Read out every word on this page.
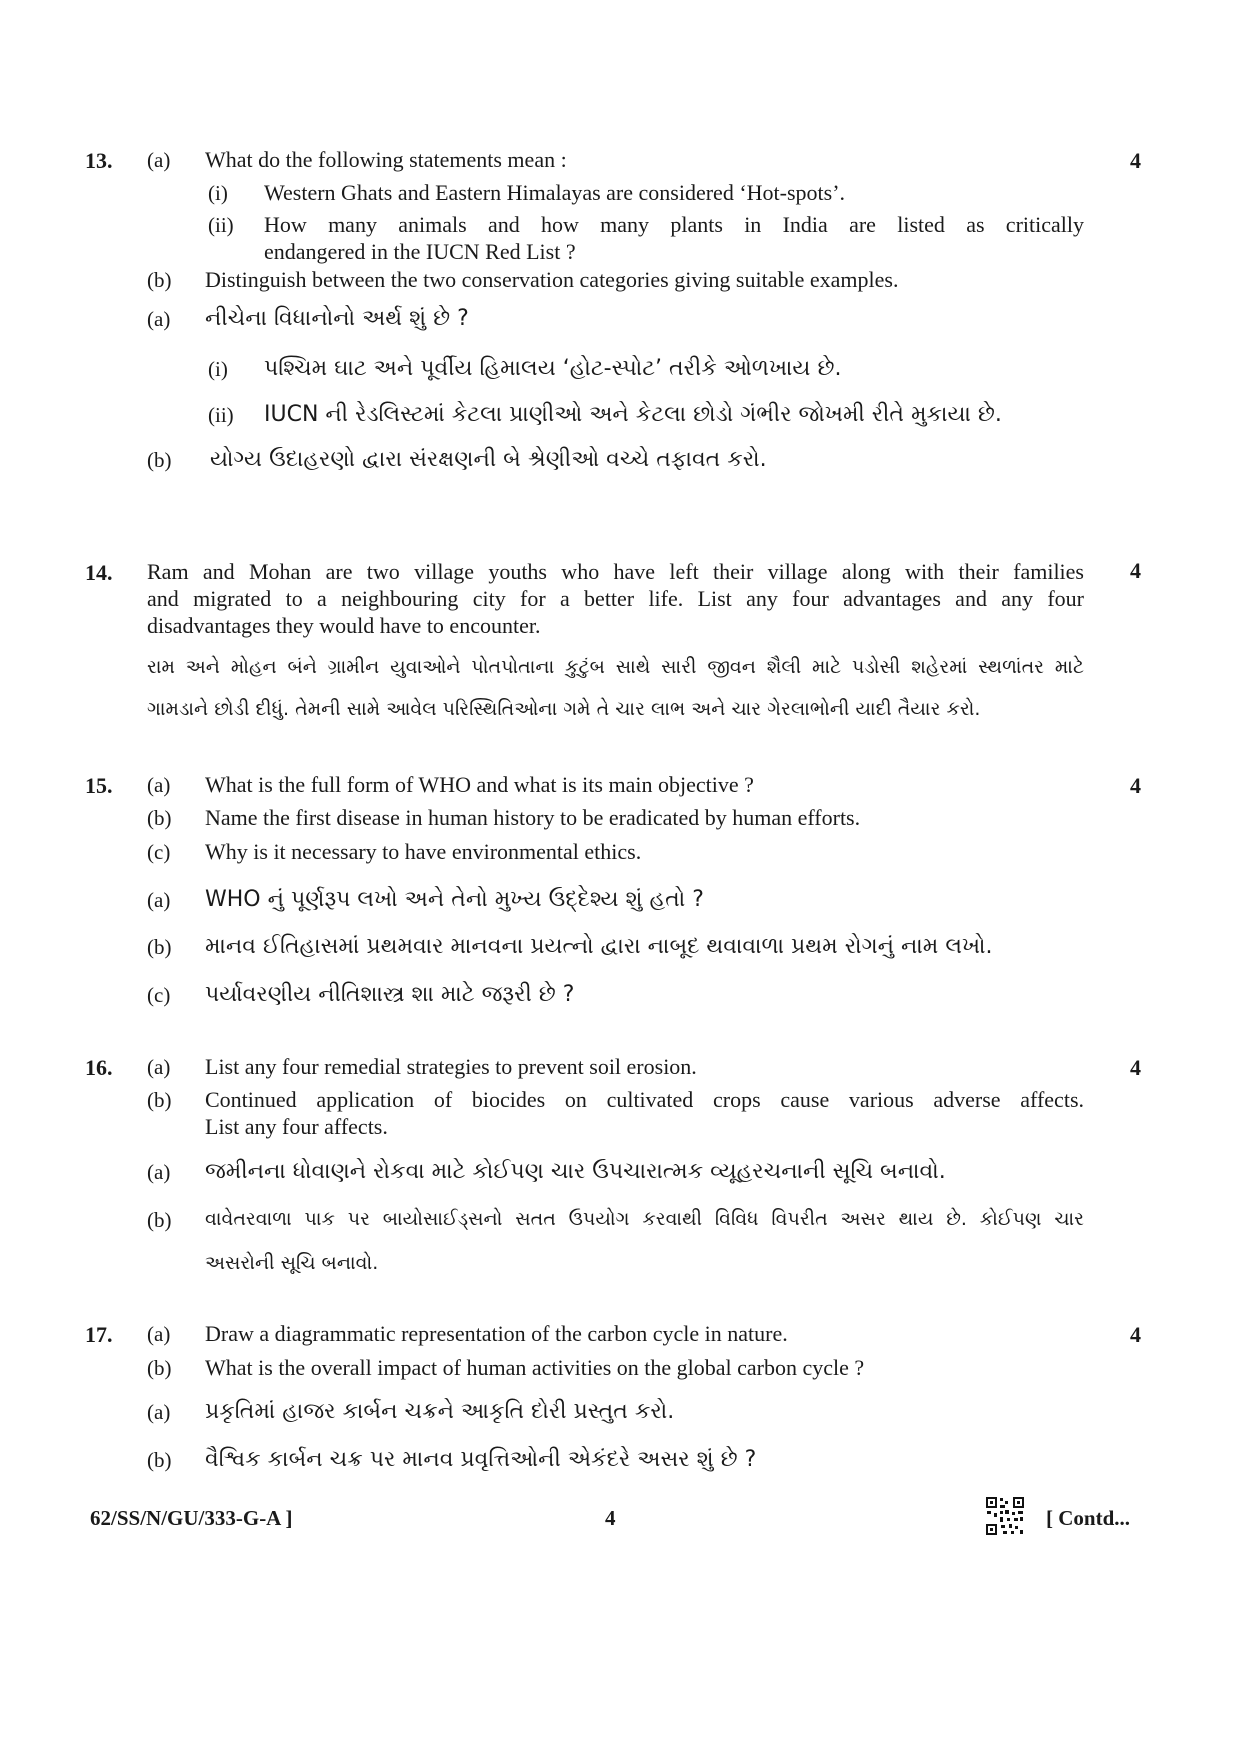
13. (a) What do the following statements mean :	4
(i) Western Ghats and Eastern Himalayas are considered ‘Hot-spots’.
(ii) How many animals and how many plants in India are listed as critically
endangered in the IUCN Red List ?
(b) Distinguish between the two conservation categories giving suitable examples.
(a) નીચેના વિધાનોનો અર્થ શું છે ?
(i) પશ્ચિમ ઘાટ અને પૂર્વીય હિમાલય ‘હોટ-સ્પોટ’ તરીકે ઓળખાય છે.
(ii) IUCN ની રેડલિસ્ટમાં કેટલા પ્રાણીઓ અને કેટલા છોડો ગંભીર જોખમી રીતે મુકાયા છે.
(b) યોગ્ય ઉદાહરણો દ્વારા સંરક્ષણની બે શ્રેણીઓ વચ્ચે તફાવત કરો.
14.	4
Ram and Mohan are two village youths who have left their village along with their families
and migrated to a neighbouring city for a better life. List any four advantages and any four
disadvantages they would have to encounter.
રામ અને મોહન બંને ગ્રામીન યુવાઓને પોતપોતાના કુટુંબ સાથે સારી જીવન શૈલી માટે પડોસી શહેરમાં સ્થળાંતર માટે
ગામડાને છોડી દીધું. તેમની સામે આવેલ પરિસ્થિતિઓના ગમે તે ચાર લાભ અને ચાર ગેરલાભોની યાદી તૈયાર કરો.
15. (a) What is the full form of WHO and what is its main objective ?	4
(b) Name the first disease in human history to be eradicated by human efforts.
(c) Why is it necessary to have environmental ethics.
(a) WHO નું પૂર્ણરૂપ લખો અને તેનો મુખ્ય ઉદ્દેશ્ય શું હતો ?
(b) માનવ ઈતિહાસમાં પ્રથમવાર માનવના પ્રયત્નો દ્વારા નાબૂદ થવાવાળા પ્રથમ રોગનું નામ લખો.
(c) પર્યાવરણીય નીતિશાસ્ત્ર શા માટે જરૂરી છે ?
16. (a) List any four remedial strategies to prevent soil erosion.	4
(b) Continued application of biocides on cultivated crops cause various adverse affects.
List any four affects.
(a) જમીનના ધોવાણને રોકવા માટે કોઈપણ ચાર ઉપચારાત્મક વ્યૂહરચનાની સૂચિ બનાવો.
(b) વાવેતરવાળા પાક પર બાયોસાઈડ્સનો સતત ઉપયોગ કરવાથી વિવિધ વિપરીત અસર થાય છે. કોઈપણ ચાર
અસરોની સૂચિ બનાવો.
17. (a) Draw a diagrammatic representation of the carbon cycle in nature.	4
(b) What is the overall impact of human activities on the global carbon cycle ?
(a) પ્રકૃતિમાં હાજર કાર્બન ચક્રને આકૃતિ દોરી પ્રસ્તુત કરો.
(b) વૈશ્વિક કાર્બન ચક્ર પર માનવ પ્રવૃત્તિઓની એકંદરે અસર શું છે ?
62/SS/N/GU/333-G-A ]	4	[ Contd...
